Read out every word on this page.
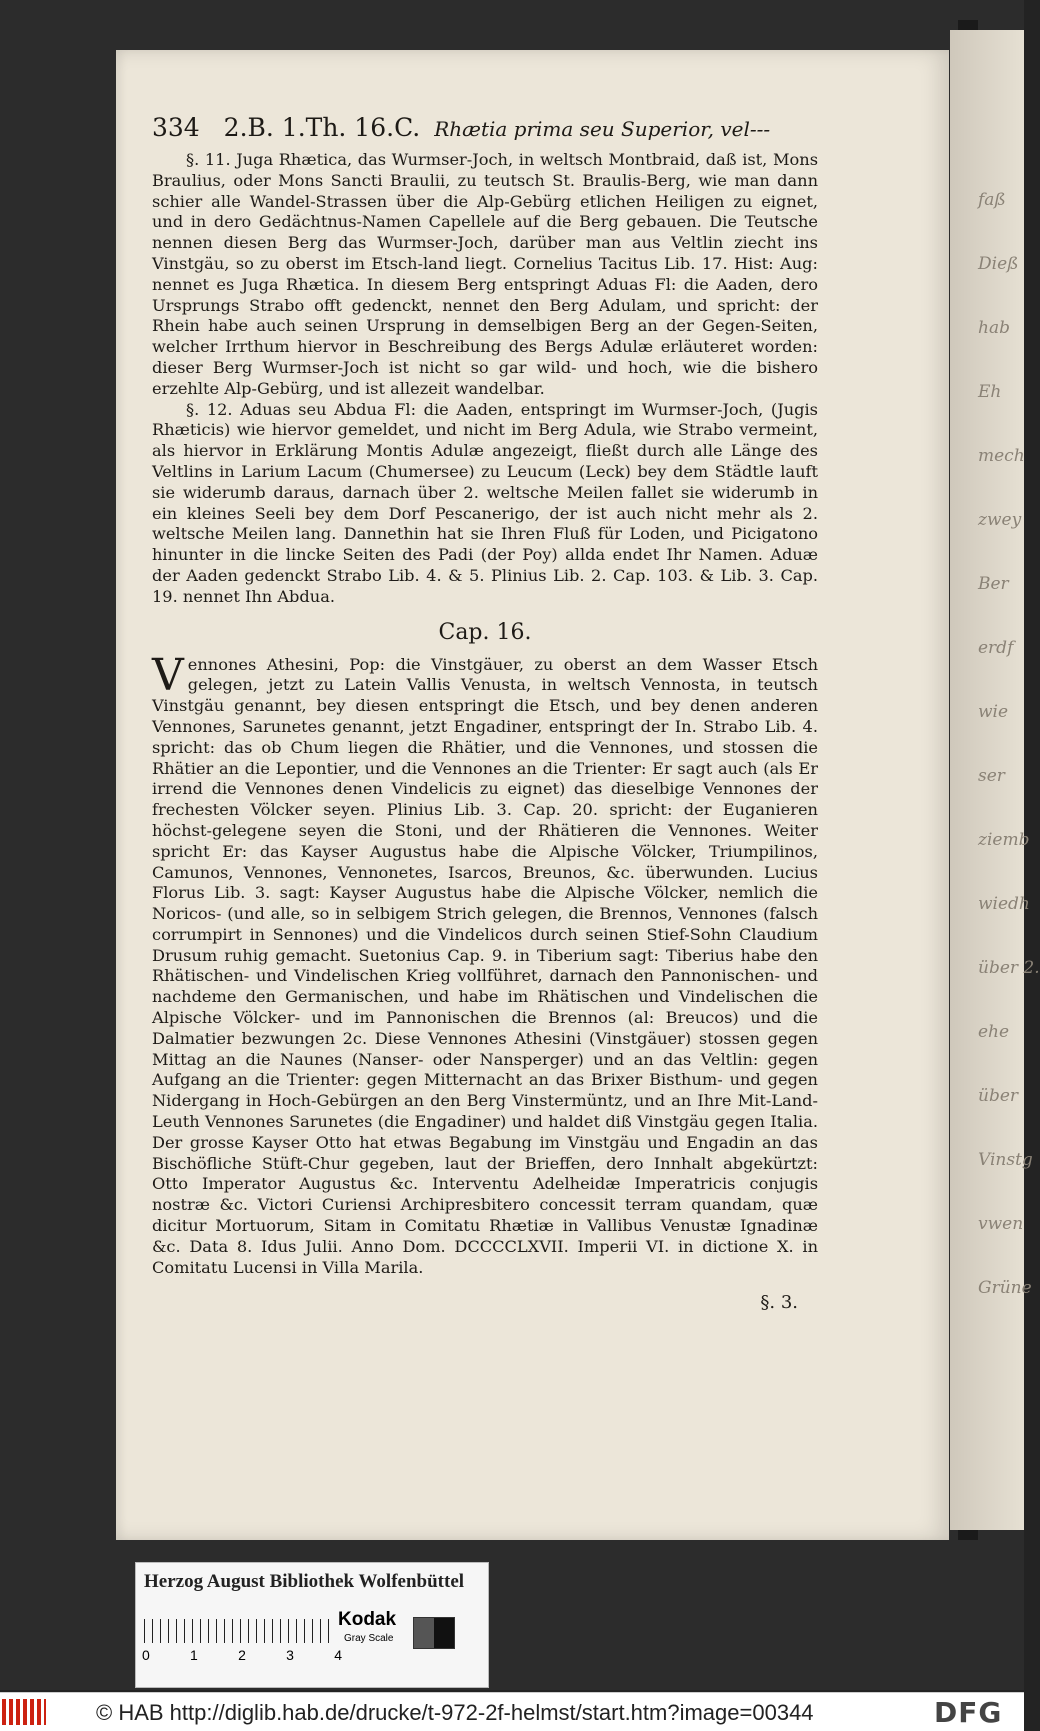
faß
Dieß
hab
Eh
mech
zwey
Ber
erdf
wie
ser
ziemb
wiedh
über 2.
ehe
über
Vinstg
vwen
Grüne
334 2.B. 1.Th. 16.C. Rhætia prima seu Superior, vel---

§. 11. Juga Rhætica, das Wurmser-Joch, in weltsch Montbraid, daß ist, Mons Braulius, oder Mons Sancti Braulii, zu teutsch St. Braulis-Berg, wie man dann schier alle Wandel-Strassen über die Alp-Gebürg etlichen Heiligen zu eignet, und in dero Gedächtnus-Namen Capellele auf die Berg gebauen. Die Teutsche nennen diesen Berg das Wurmser-Joch, darüber man aus Veltlin ziecht ins Vinstgäu, so zu oberst im Etsch-land liegt. Cornelius Tacitus Lib. 17. Hist: Aug: nennet es Juga Rhætica. In diesem Berg entspringt Aduas Fl: die Aaden, dero Ursprungs Strabo offt gedenckt, nennet den Berg Adulam, und spricht: der Rhein habe auch seinen Ursprung in demselbigen Berg an der Gegen-Seiten, welcher Irrthum hiervor in Beschreibung des Bergs Adulæ erläuteret worden: dieser Berg Wurmser-Joch ist nicht so gar wild- und hoch, wie die bishero erzehlte Alp-Gebürg, und ist allezeit wandelbar.

§. 12. Aduas seu Abdua Fl: die Aaden, entspringt im Wurmser-Joch, (Jugis Rhæticis) wie hiervor gemeldet, und nicht im Berg Adula, wie Strabo vermeint, als hiervor in Erklärung Montis Adulæ angezeigt, fließt durch alle Länge des Veltlins in Larium Lacum (Chumersee) zu Leucum (Leck) bey dem Städtle lauft sie widerumb daraus, darnach über 2. weltsche Meilen fallet sie widerumb in ein kleines Seeli bey dem Dorf Pescanerigo, der ist auch nicht mehr als 2. weltsche Meilen lang. Dannethin hat sie Ihren Fluß für Loden, und Picigatono hinunter in die lincke Seiten des Padi (der Poy) allda endet Ihr Namen. Aduæ der Aaden gedenckt Strabo Lib. 4. & 5. Plinius Lib. 2. Cap. 103. & Lib. 3. Cap. 19. nennet Ihn Abdua.

Cap. 16.

V ennones Athesini, Pop: die Vinstgäuer, zu oberst an dem Wasser Etsch gelegen, jetzt zu Latein Vallis Venusta, in weltsch Vennosta, in teutsch Vinstgäu genannt, bey diesen entspringt die Etsch, und bey denen anderen Vennones, Sarunetes genannt, jetzt Engadiner, entspringt der In. Strabo Lib. 4. spricht: das ob Chum liegen die Rhätier, und die Vennones, und stossen die Rhätier an die Lepontier, und die Vennones an die Trienter: Er sagt auch (als Er irrend die Vennones denen Vindelicis zu eignet) das dieselbige Vennones der frechesten Völcker seyen. Plinius Lib. 3. Cap. 20. spricht: der Euganieren höchst-gelegene seyen die Stoni, und der Rhätieren die Vennones. Weiter spricht Er: das Kayser Augustus habe die Alpische Völcker, Triumpilinos, Camunos, Vennones, Vennonetes, Isarcos, Breunos, &c. überwunden. Lucius Florus Lib. 3. sagt: Kayser Augustus habe die Alpische Völcker, nemlich die Noricos- (und alle, so in selbigem Strich gelegen, die Brennos, Vennones (falsch corrumpirt in Sennones) und die Vindelicos durch seinen Stief-Sohn Claudium Drusum ruhig gemacht. Suetonius Cap. 9. in Tiberium sagt: Tiberius habe den Rhätischen- und Vindelischen Krieg vollführet, darnach den Pannonischen- und nachdeme den Germanischen, und habe im Rhätischen und Vindelischen die Alpische Völcker- und im Pannonischen die Brennos (al: Breucos) und die Dalmatier bezwungen 2c. Diese Vennones Athesini (Vinstgäuer) stossen gegen Mittag an die Naunes (Nanser- oder Nansperger) und an das Veltlin: gegen Aufgang an die Trienter: gegen Mitternacht an das Brixer Bisthum- und gegen Nidergang in Hoch-Gebürgen an den Berg Vinstermüntz, und an Ihre Mit-Land-Leuth Vennones Sarunetes (die Engadiner) und haldet diß Vinstgäu gegen Italia. Der grosse Kayser Otto hat etwas Begabung im Vinstgäu und Engadin an das Bischöfliche Stüft-Chur gegeben, laut der Brieffen, dero Innhalt abgekürtzt: Otto Imperator Augustus &c. Interventu Adelheidæ Imperatricis conjugis nostræ &c. Victori Curiensi Archipresbitero concessit terram quandam, quæ dicitur Mortuorum, Sitam in Comitatu Rhætiæ in Vallibus Venustæ Ignadinæ &c. Data 8. Idus Julii. Anno Dom. DCCCCLXVII. Imperii VI. in dictione X. in Comitatu Lucensi in Villa Marila.

§. 3.
Herzog August Bibliothek Wolfenbüttel
0	1	2	3	4
Kodak
Gray Scale
© HAB http://diglib.hab.de/drucke/t-972-2f-helmst/start.htm?image=00344	DFG
